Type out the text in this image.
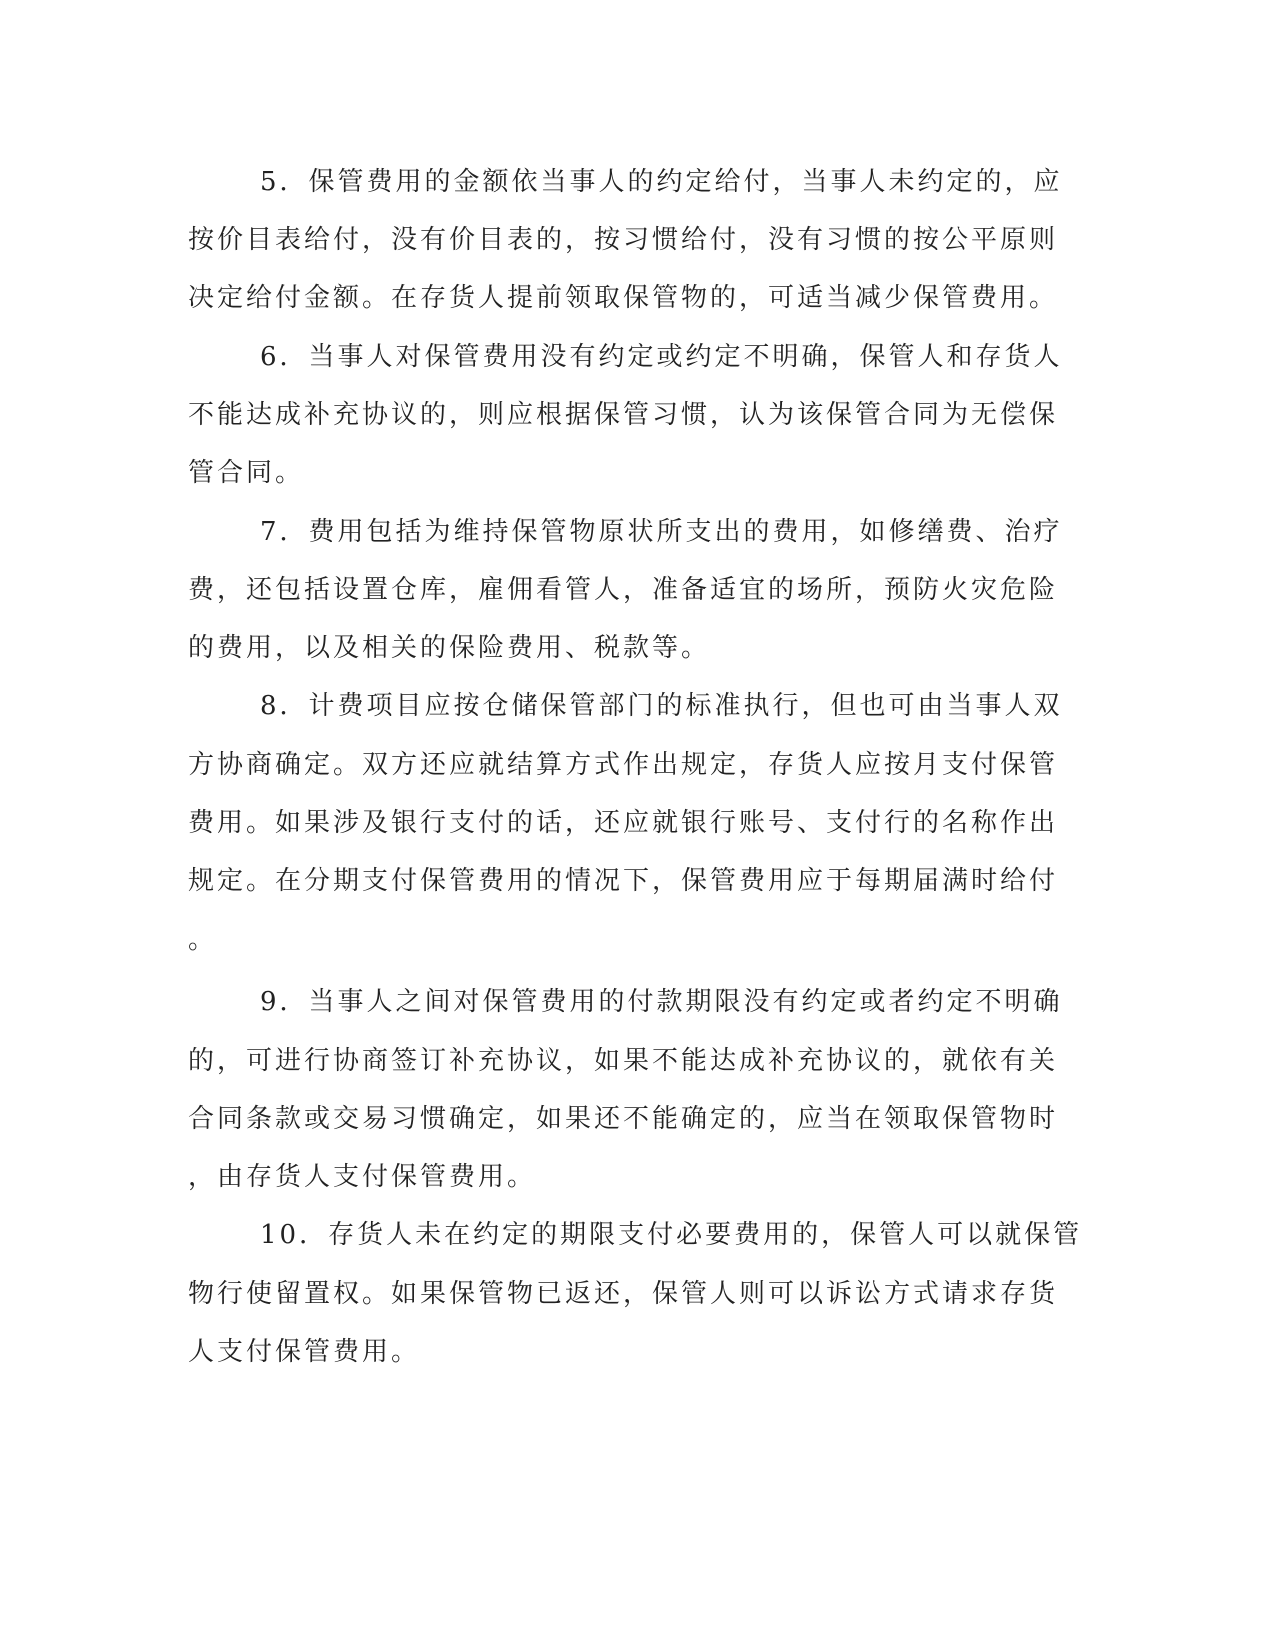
5．保管费用的金额依当事人的约定给付，当事人未约定的，应
按价目表给付，没有价目表的，按习惯给付，没有习惯的按公平原则
决定给付金额。在存货人提前领取保管物的，可适当减少保管费用。
6．当事人对保管费用没有约定或约定不明确，保管人和存货人
不能达成补充协议的，则应根据保管习惯，认为该保管合同为无偿保
管合同。
7．费用包括为维持保管物原状所支出的费用，如修缮费、治疗
费，还包括设置仓库，雇佣看管人，准备适宜的场所，预防火灾危险
的费用，以及相关的保险费用、税款等。
8．计费项目应按仓储保管部门的标准执行，但也可由当事人双
方协商确定。双方还应就结算方式作出规定，存货人应按月支付保管
费用。如果涉及银行支付的话，还应就银行账号、支付行的名称作出
规定。在分期支付保管费用的情况下，保管费用应于每期届满时给付
。
9．当事人之间对保管费用的付款期限没有约定或者约定不明确
的，可进行协商签订补充协议，如果不能达成补充协议的，就依有关
合同条款或交易习惯确定，如果还不能确定的，应当在领取保管物时
，由存货人支付保管费用。
10．存货人未在约定的期限支付必要费用的，保管人可以就保管
物行使留置权。如果保管物已返还，保管人则可以诉讼方式请求存货
人支付保管费用。
